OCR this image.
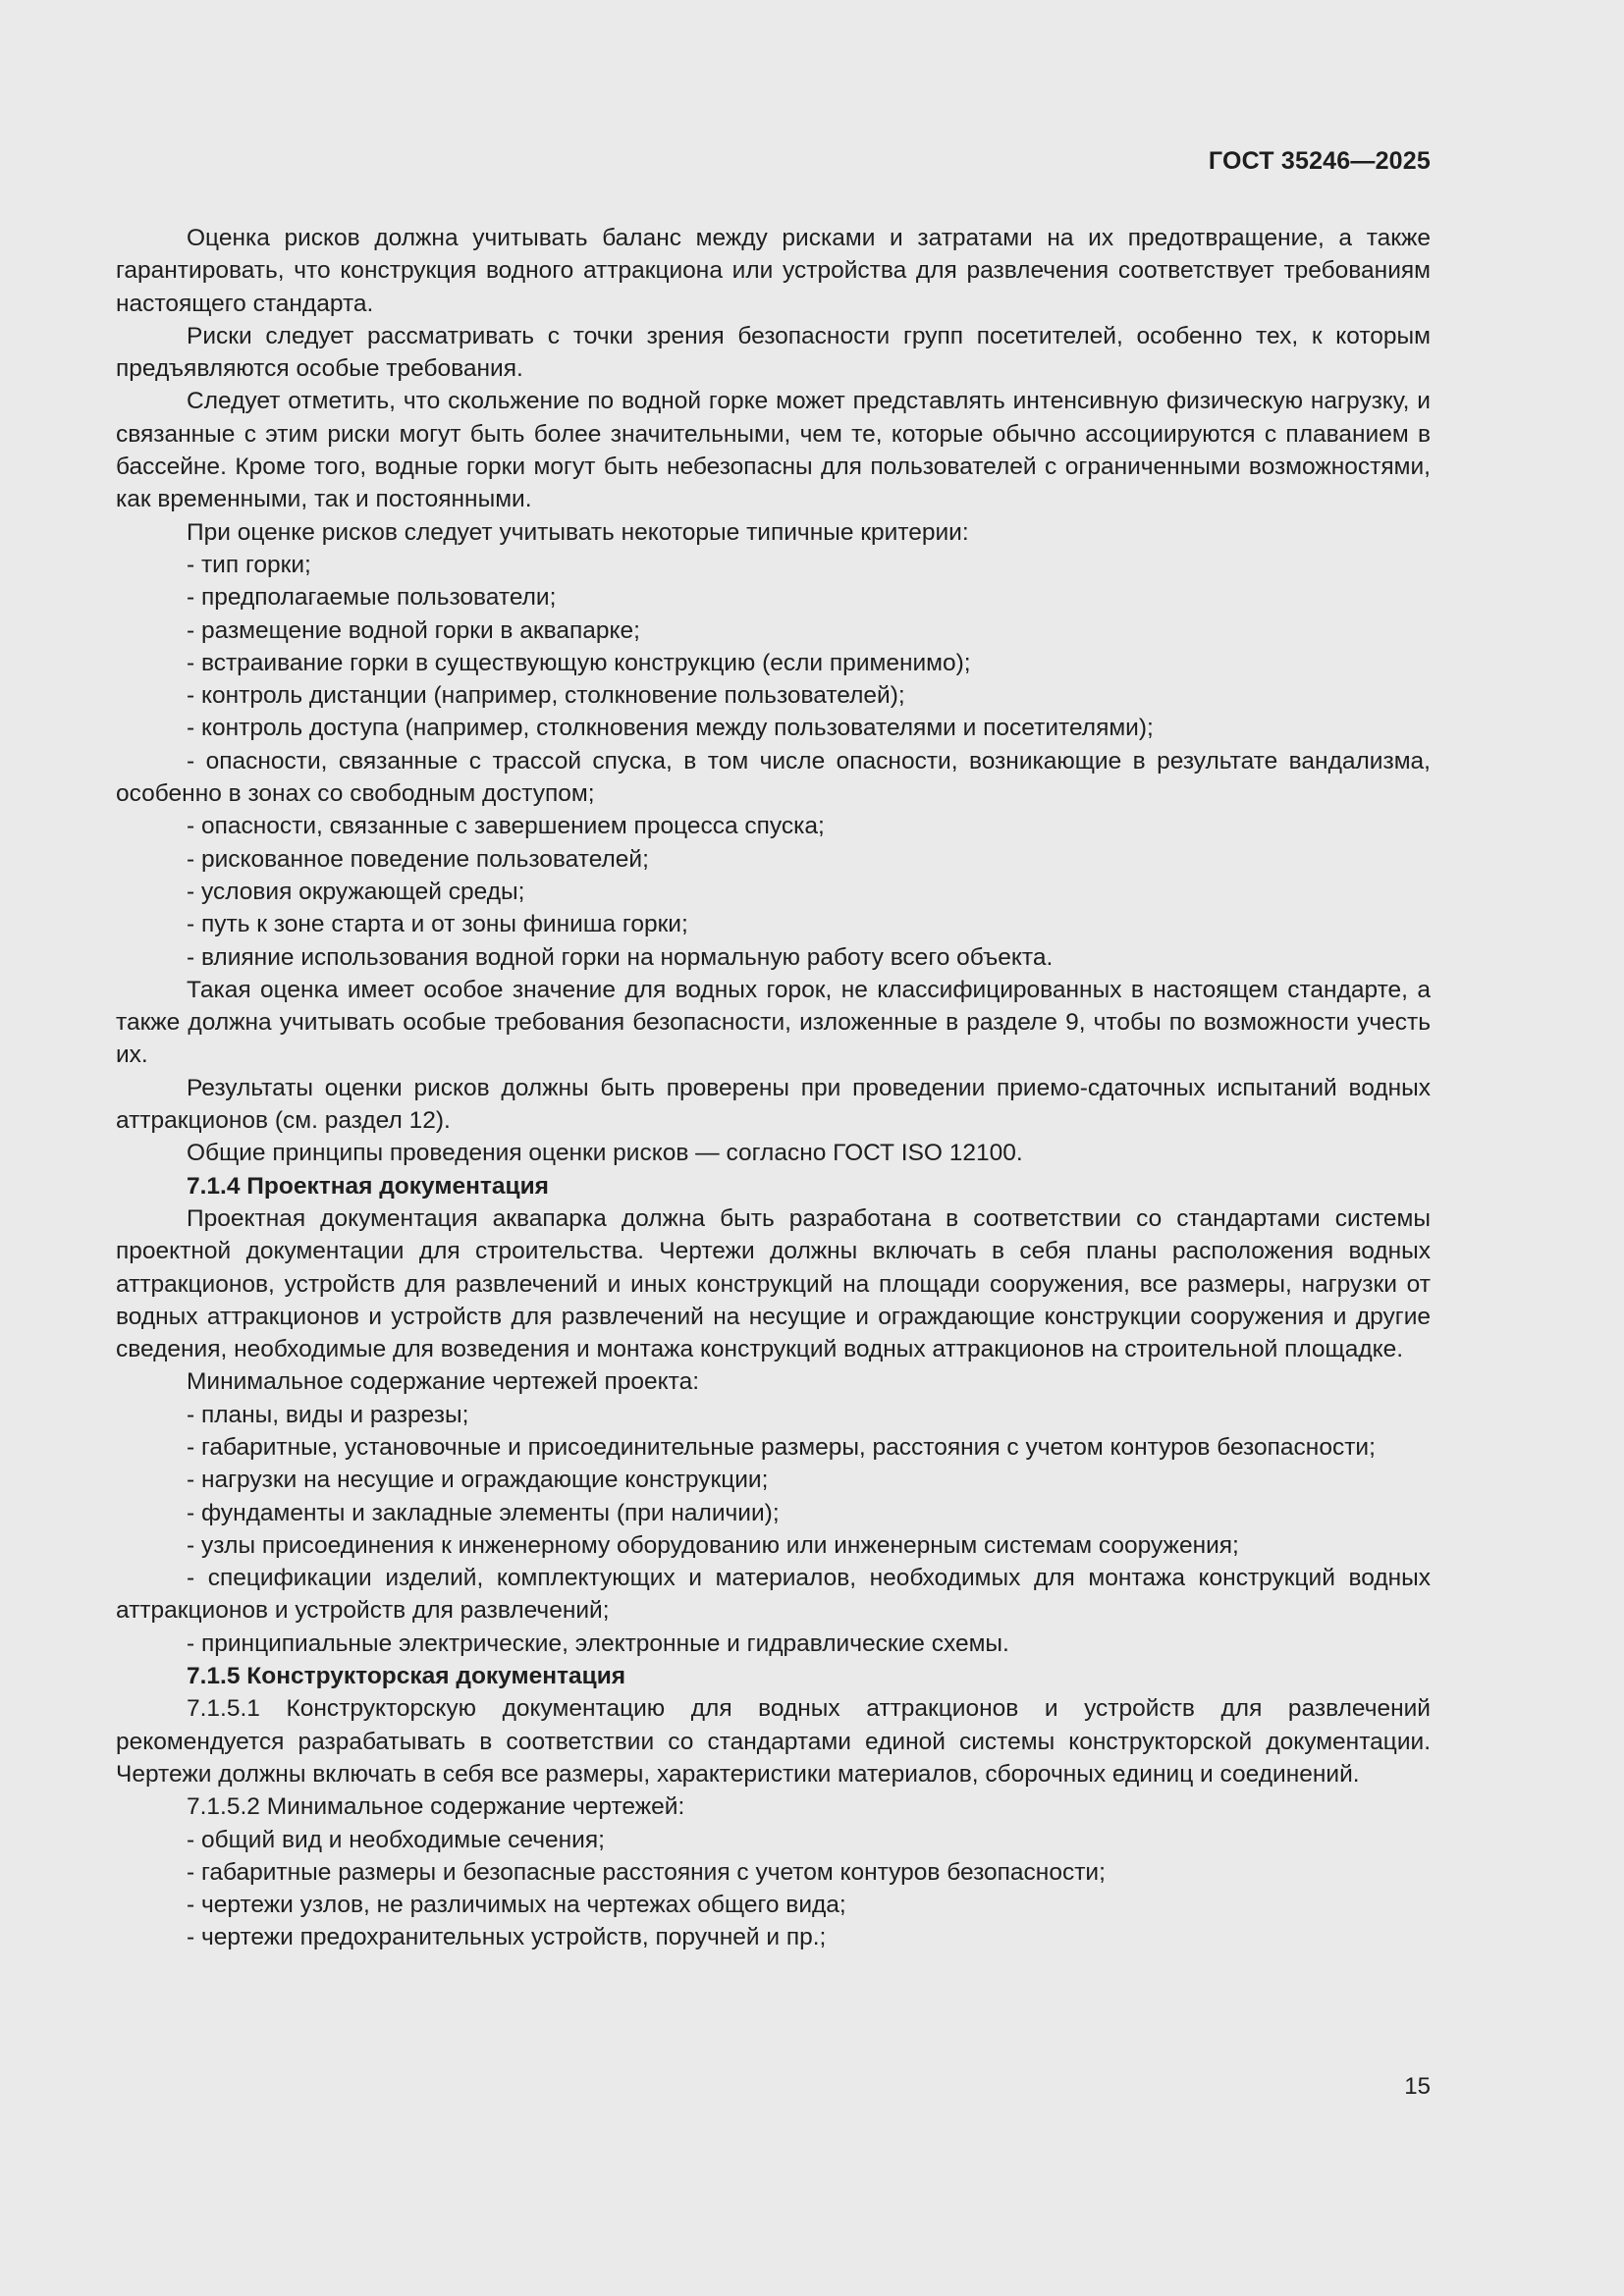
ГОСТ 35246—2025
Оценка рисков должна учитывать баланс между рисками и затратами на их предотвращение, а также гарантировать, что конструкция водного аттракциона или устройства для развлечения соответствует требованиям настоящего стандарта.
Риски следует рассматривать с точки зрения безопасности групп посетителей, особенно тех, к которым предъявляются особые требования.
Следует отметить, что скольжение по водной горке может представлять интенсивную физическую нагрузку, и связанные с этим риски могут быть более значительными, чем те, которые обычно ассоциируются с плаванием в бассейне. Кроме того, водные горки могут быть небезопасны для пользователей с ограниченными возможностями, как временными, так и постоянными.
При оценке рисков следует учитывать некоторые типичные критерии:
- тип горки;
- предполагаемые пользователи;
- размещение водной горки в аквапарке;
- встраивание горки в существующую конструкцию (если применимо);
- контроль дистанции (например, столкновение пользователей);
- контроль доступа (например, столкновения между пользователями и посетителями);
- опасности, связанные с трассой спуска, в том числе опасности, возникающие в результате вандализма, особенно в зонах со свободным доступом;
- опасности, связанные с завершением процесса спуска;
- рискованное поведение пользователей;
- условия окружающей среды;
- путь к зоне старта и от зоны финиша горки;
- влияние использования водной горки на нормальную работу всего объекта.
Такая оценка имеет особое значение для водных горок, не классифицированных в настоящем стандарте, а также должна учитывать особые требования безопасности, изложенные в разделе 9, чтобы по возможности учесть их.
Результаты оценки рисков должны быть проверены при проведении приемо-сдаточных испытаний водных аттракционов (см. раздел 12).
Общие принципы проведения оценки рисков — согласно ГОСТ ISO 12100.
7.1.4 Проектная документация
Проектная документация аквапарка должна быть разработана в соответствии со стандартами системы проектной документации для строительства. Чертежи должны включать в себя планы расположения водных аттракционов, устройств для развлечений и иных конструкций на площади сооружения, все размеры, нагрузки от водных аттракционов и устройств для развлечений на несущие и ограждающие конструкции сооружения и другие сведения, необходимые для возведения и монтажа конструкций водных аттракционов на строительной площадке.
Минимальное содержание чертежей проекта:
- планы, виды и разрезы;
- габаритные, установочные и присоединительные размеры, расстояния с учетом контуров безопасности;
- нагрузки на несущие и ограждающие конструкции;
- фундаменты и закладные элементы (при наличии);
- узлы присоединения к инженерному оборудованию или инженерным системам сооружения;
- спецификации изделий, комплектующих и материалов, необходимых для монтажа конструкций водных аттракционов и устройств для развлечений;
- принципиальные электрические, электронные и гидравлические схемы.
7.1.5 Конструкторская документация
7.1.5.1 Конструкторскую документацию для водных аттракционов и устройств для развлечений рекомендуется разрабатывать в соответствии со стандартами единой системы конструкторской документации. Чертежи должны включать в себя все размеры, характеристики материалов, сборочных единиц и соединений.
7.1.5.2 Минимальное содержание чертежей:
- общий вид и необходимые сечения;
- габаритные размеры и безопасные расстояния с учетом контуров безопасности;
- чертежи узлов, не различимых на чертежах общего вида;
- чертежи предохранительных устройств, поручней и пр.;
15
